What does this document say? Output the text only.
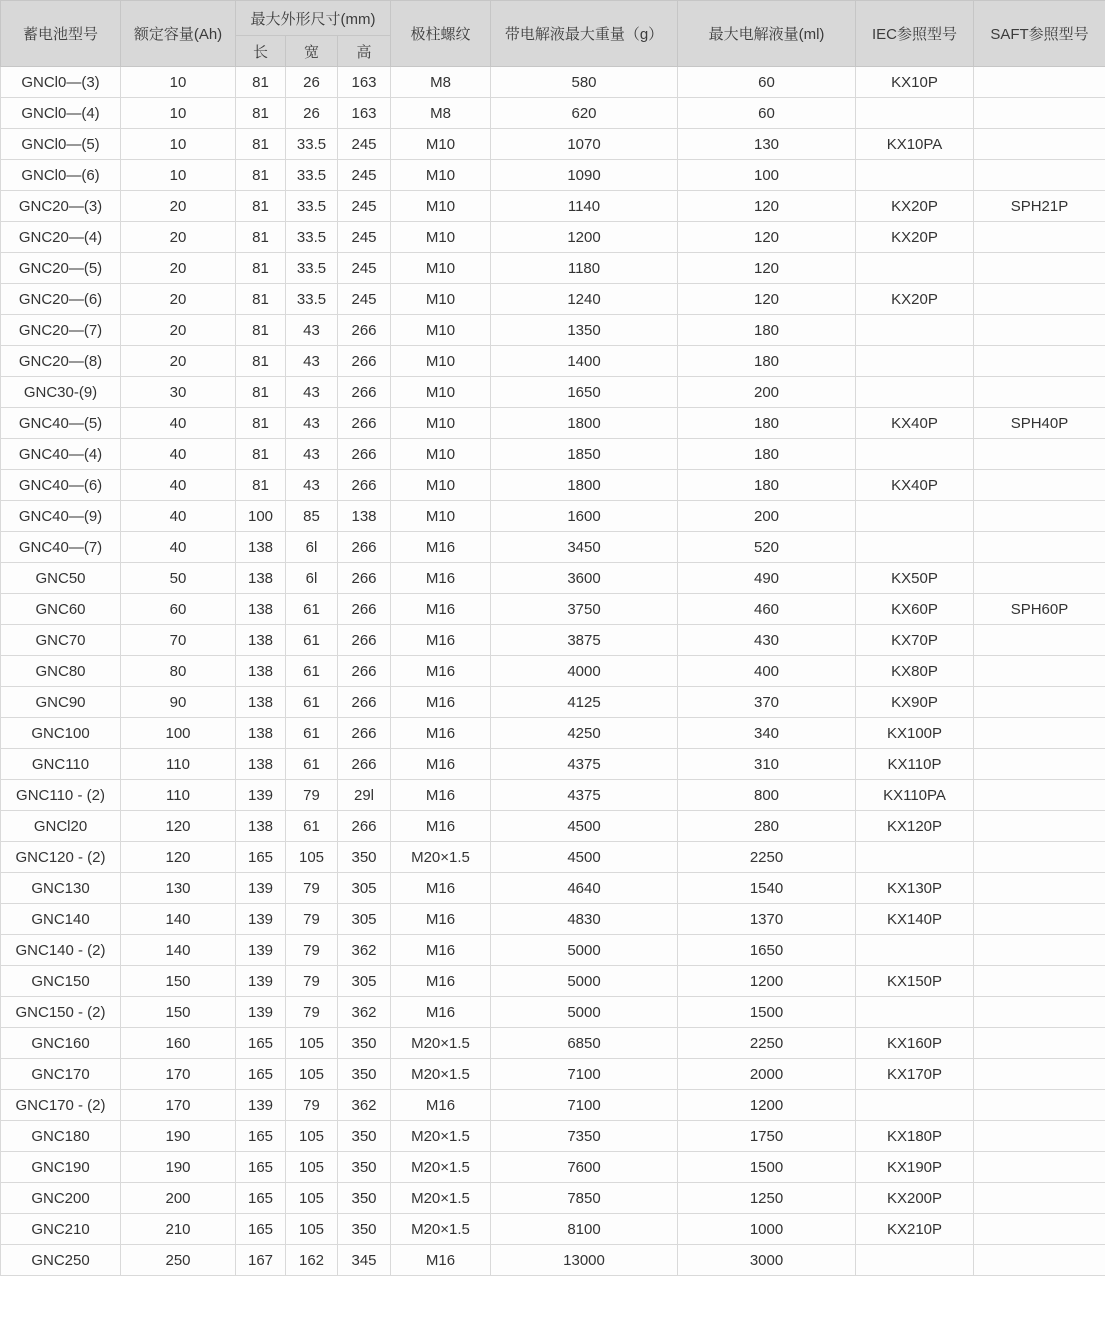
蓄电池型号	额定容量(Ah)	最大外形尺寸(mm)			极柱螺纹	带电解液最大重量（g）	最大电解液量(ml)	IEC参照型号	SAFT参照型号
		长	宽	高					
GNCl0—(3)	10	81	26	163	M8	580	60	KX10P	
GNCl0—(4)	10	81	26	163	M8	620	60		
GNCl0—(5)	10	81	33.5	245	M10	1070	130	KX10PA	
GNCl0—(6)	10	81	33.5	245	M10	1090	100		
GNC20—(3)	20	81	33.5	245	M10	1140	120	KX20P	SPH21P
GNC20—(4)	20	81	33.5	245	M10	1200	120	KX20P	
GNC20—(5)	20	81	33.5	245	M10	1180	120		
GNC20—(6)	20	81	33.5	245	M10	1240	120	KX20P	
GNC20—(7)	20	81	43	266	M10	1350	180		
GNC20—(8)	20	81	43	266	M10	1400	180		
GNC30-(9)	30	81	43	266	M10	1650	200		
GNC40—(5)	40	81	43	266	M10	1800	180	KX40P	SPH40P
GNC40—(4)	40	81	43	266	M10	1850	180		
GNC40—(6)	40	81	43	266	M10	1800	180	KX40P	
GNC40—(9)	40	100	85	138	M10	1600	200		
GNC40—(7)	40	138	6l	266	M16	3450	520		
GNC50	50	138	6l	266	M16	3600	490	KX50P	
GNC60	60	138	61	266	M16	3750	460	KX60P	SPH60P
GNC70	70	138	61	266	M16	3875	430	KX70P	
GNC80	80	138	61	266	M16	4000	400	KX80P	
GNC90	90	138	61	266	M16	4125	370	KX90P	
GNC100	100	138	61	266	M16	4250	340	KX100P	
GNC110	110	138	61	266	M16	4375	310	KX110P	
GNC110 - (2)	110	139	79	29l	M16	4375	800	KX110PA	
GNCl20	120	138	61	266	M16	4500	280	KX120P	
GNC120 - (2)	120	165	105	350	M20×1.5	4500	2250		
GNC130	130	139	79	305	M16	4640	1540	KX130P	
GNC140	140	139	79	305	M16	4830	1370	KX140P	
GNC140 - (2)	140	139	79	362	M16	5000	1650		
GNC150	150	139	79	305	M16	5000	1200	KX150P	
GNC150 - (2)	150	139	79	362	M16	5000	1500		
GNC160	160	165	105	350	M20×1.5	6850	2250	KX160P	
GNC170	170	165	105	350	M20×1.5	7100	2000	KX170P	
GNC170 - (2)	170	139	79	362	M16	7100	1200		
GNC180	190	165	105	350	M20×1.5	7350	1750	KX180P	
GNC190	190	165	105	350	M20×1.5	7600	1500	KX190P	
GNC200	200	165	105	350	M20×1.5	7850	1250	KX200P	
GNC210	210	165	105	350	M20×1.5	8100	1000	KX210P	
GNC250	250	167	162	345	M16	13000	3000		
